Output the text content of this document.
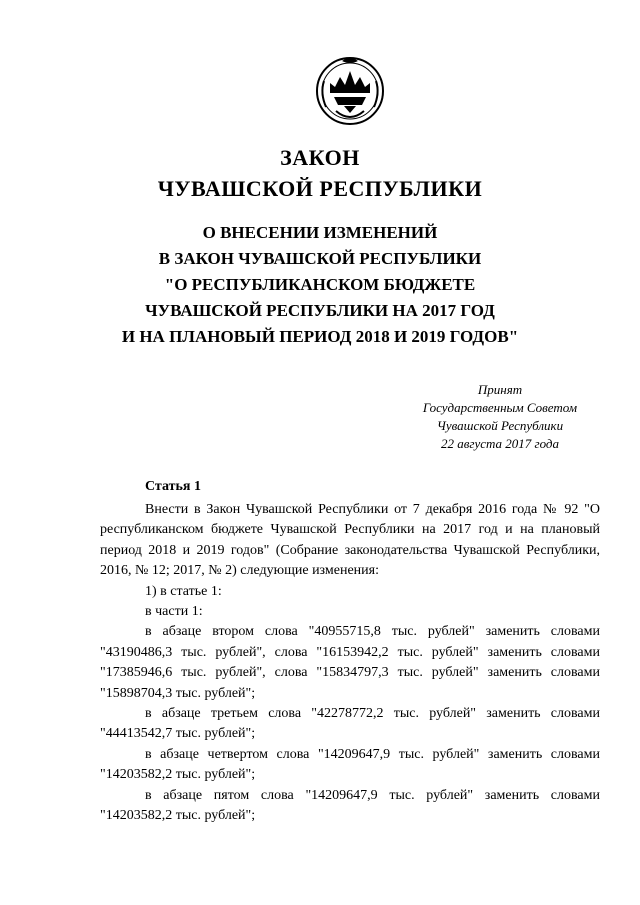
ЗАКОН
ЧУВАШСКОЙ РЕСПУБЛИКИ
О ВНЕСЕНИИ ИЗМЕНЕНИЙ
В ЗАКОН ЧУВАШСКОЙ РЕСПУБЛИКИ
"О РЕСПУБЛИКАНСКОМ БЮДЖЕТЕ
ЧУВАШСКОЙ РЕСПУБЛИКИ НА 2017 ГОД
И НА ПЛАНОВЫЙ ПЕРИОД 2018 И 2019 ГОДОВ"
Принят
Государственным Советом
Чувашской Республики
22 августа 2017 года
Статья 1

Внести в Закон Чувашской Республики от 7 декабря 2016 года № 92 "О республиканском бюджете Чувашской Республики на 2017 год и на плановый период 2018 и 2019 годов" (Собрание законодательства Чувашской Республики, 2016, № 12; 2017, № 2) следующие изменения:

1) в статье 1:

в части 1:

в абзаце втором слова "40955715,8 тыс. рублей" заменить словами "43190486,3 тыс. рублей", слова "16153942,2 тыс. рублей" заменить словами "17385946,6 тыс. рублей", слова "15834797,3 тыс. рублей" заменить словами "15898704,3 тыс. рублей";

в абзаце третьем слова "42278772,2 тыс. рублей" заменить словами "44413542,7 тыс. рублей";

в абзаце четвертом слова "14209647,9 тыс. рублей" заменить словами "14203582,2 тыс. рублей";

в абзаце пятом слова "14209647,9 тыс. рублей" заменить словами "14203582,2 тыс. рублей";
